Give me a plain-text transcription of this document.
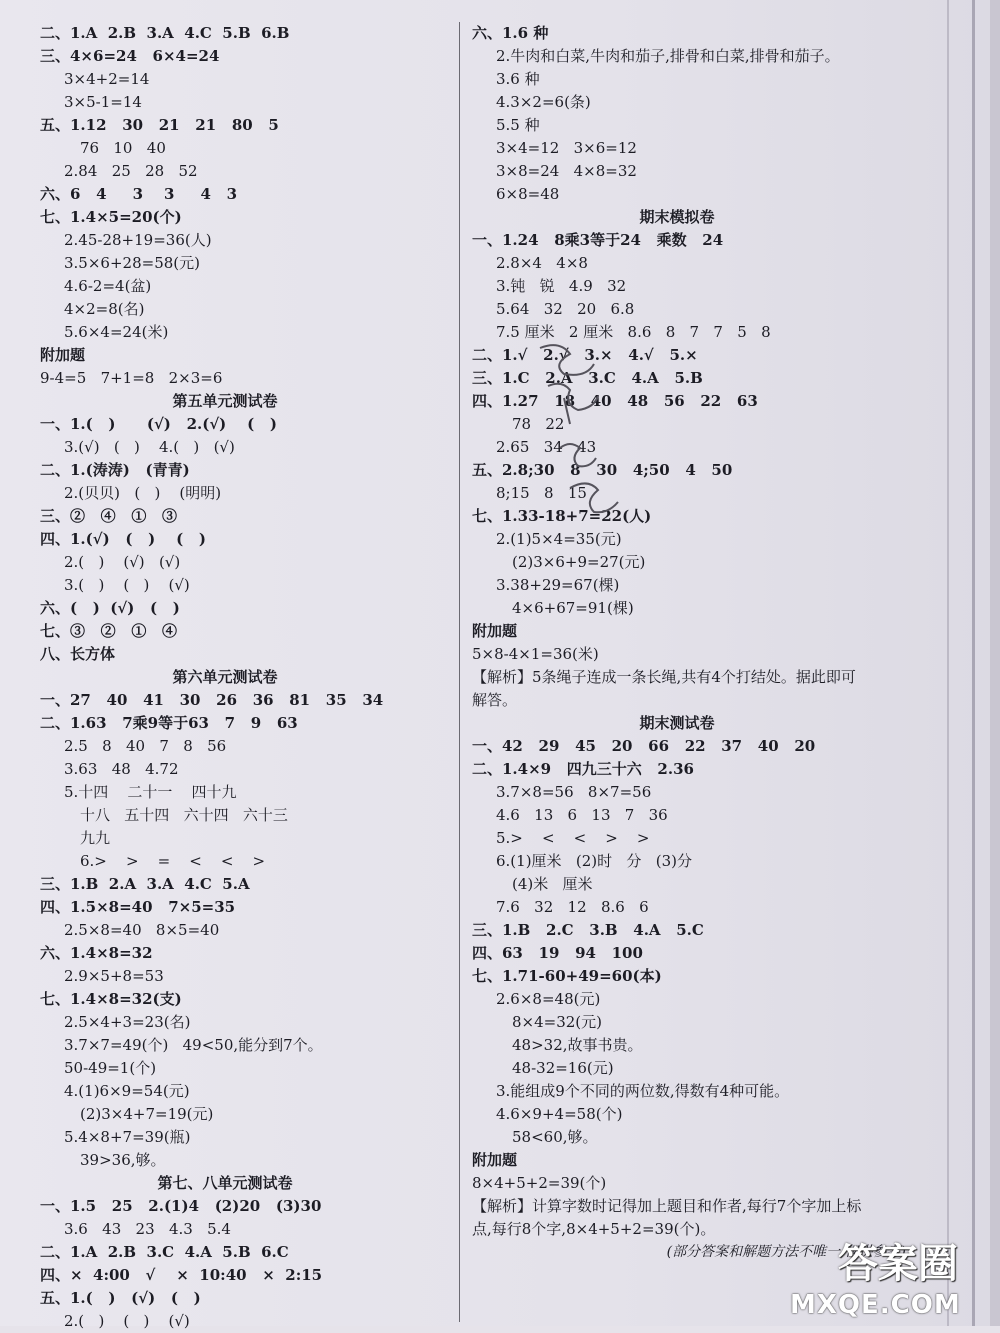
二、1.A  2.B  3.A  4.C  5.B  6.B
三、4×6=24   6×4=24
3×4+2=14
3×5-1=14
五、1.12   30   21   21   80   5
76   10   40
2.84   25   28   52
六、6   4     3    3     4   3
七、1.4×5=20(个)
2.45-28+19=36(人)
3.5×6+28=58(元)
4.6-2=4(盆)
4×2=8(名)
5.6×4=24(米)
附加题
9-4=5   7+1=8   2×3=6
第五单元测试卷
一、1.(   )      (√)   2.(√)    (   )
3.(√)   (   )    4.(   )   (√)
二、1.(涛涛)   (青青)
2.(贝贝)   (   )    (明明)
三、②   ④   ①   ③
四、1.(√)   (   )    (   )
2.(   )    (√)   (√)
3.(   )    (   )    (√)
六、(   )  (√)   (   )
七、③   ②   ①   ④
八、长方体
第六单元测试卷
一、27   40   41   30   26   36   81   35   34
二、1.63   7乘9等于63   7   9   63
2.5   8   40   7   8   56
3.63   48   4.72
5.十四    二十一    四十九
十八   五十四   六十四   六十三
九九
6.>    >    =    <    <    >
三、1.B  2.A  3.A  4.C  5.A
四、1.5×8=40   7×5=35
2.5×8=40   8×5=40
六、1.4×8=32
2.9×5+8=53
七、1.4×8=32(支)
2.5×4+3=23(名)
3.7×7=49(个)   49<50,能分到7个。
50-49=1(个)
4.(1)6×9=54(元)
(2)3×4+7=19(元)
5.4×8+7=39(瓶)
39>36,够。
第七、八单元测试卷
一、1.5   25   2.(1)4   (2)20   (3)30
3.6   43   23   4.3   5.4
二、1.A  2.B  3.C  4.A  5.B  6.C
四、×  4:00   √    ×  10:40   ×  2:15
五、1.(   )   (√)   (   )
2.(   )    (   )    (√)
六、1.6 种
2.牛肉和白菜,牛肉和茄子,排骨和白菜,排骨和茄子。
3.6 种
4.3×2=6(条)
5.5 种
3×4=12   3×6=12
3×8=24   4×8=32
6×8=48
期末模拟卷
一、1.24   8乘3等于24   乘数   24
2.8×4   4×8
3.钝   锐   4.9   32
5.64   32   20   6.8
7.5 厘米   2 厘米   8.6   8   7   7   5   8
二、1.√   2.√   3.×   4.√   5.×
三、1.C   2.A   3.C   4.A   5.B
四、1.27   18   40   48   56   22   63
78   22
2.65   34   43
五、2.8;30   8   30   4;50   4   50
8;15   8   15
七、1.33-18+7=22(人)
2.(1)5×4=35(元)
(2)3×6+9=27(元)
3.38+29=67(棵)
4×6+67=91(棵)
附加题
5×8-4×1=36(米)
【解析】5条绳子连成一条长绳,共有4个打结处。据此即可
解答。
期末测试卷
一、42   29   45   20   66   22   37   40   20
二、1.4×9   四九三十六   2.36
3.7×8=56   8×7=56
4.6   13   6   13   7   36
5.>    <    <    >    >
6.(1)厘米   (2)时   分   (3)分
(4)米   厘米
7.6   32   12   8.6   6
三、1.B   2.C   3.B   4.A   5.C
四、63   19   94   100
七、1.71-60+49=60(本)
2.6×8=48(元)
8×4=32(元)
48>32,故事书贵。
48-32=16(元)
3.能组成9个不同的两位数,得数有4种可能。
4.6×9+4=58(个)
58<60,够。
附加题
8×4+5+2=39(个)
【解析】计算字数时记得加上题目和作者,每行7个字加上标
点,每行8个字,8×4+5+2=39(个)。
(部分答案和解题方法不唯一,仅供参考)
答案圈
MXQE.COM
